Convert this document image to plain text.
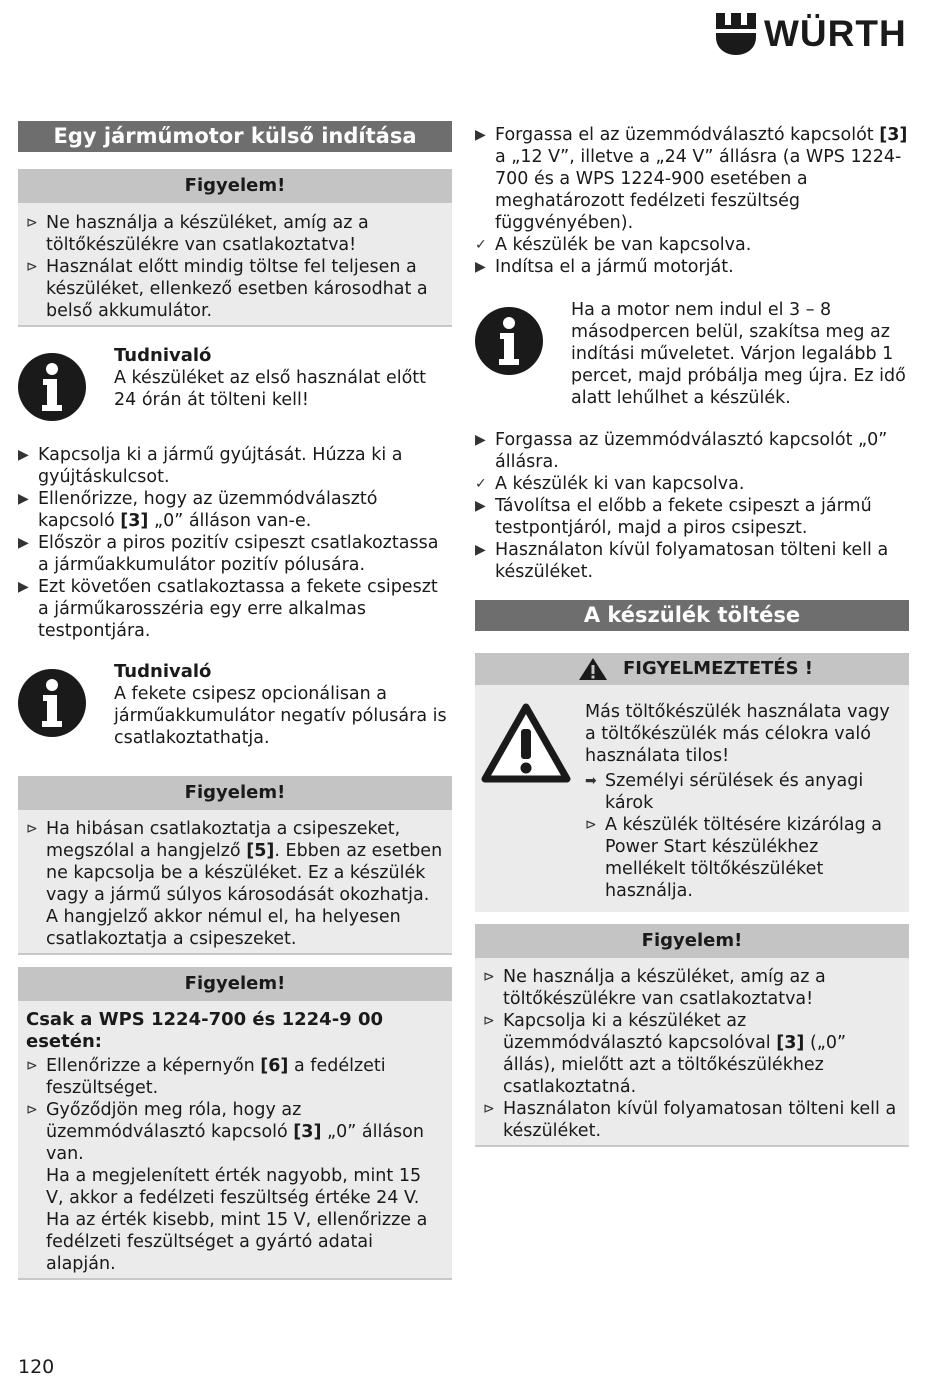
WÜRTH
Egy járműmotor külső indítása
Figyelem!
⊳ Ne használja a készüléket, amíg az a töltőkészülékre van csatlakoztatva!
⊳ Használat előtt mindig töltse fel teljesen a készüléket, ellenkező esetben károsodhat a belső akkumulátor.
Tudnivaló
A készüléket az első használat előtt 24 órán át tölteni kell!
▶ Kapcsolja ki a jármű gyújtását. Húzza ki a gyújtáskulcsot.
▶ Ellenőrizze, hogy az üzemmódválasztó kapcsoló [3] „0” álláson van-e.
▶ Először a piros pozitív csipeszt csatlakoztassa a járműakkumulátor pozitív pólusára.
▶ Ezt követően csatlakoztassa a fekete csipeszt a járműkarosszéria egy erre alkalmas testpontjára.
Tudnivaló
A fekete csipesz opcionálisan a járműakkumulátor negatív pólusára is csatlakoztathatja.
Figyelem!
⊳ Ha hibásan csatlakoztatja a csipeszeket, megszólal a hangjelző [5]. Ebben az esetben ne kapcsolja be a készüléket. Ez a készülék vagy a jármű súlyos károsodását okozhatja. A hangjelző akkor némul el, ha helyesen csatlakoztatja a csipeszeket.
Figyelem!
Csak a WPS 1224-700 és 1224-9 00 esetén:
⊳ Ellenőrizze a képernyőn [6] a fedélzeti feszültséget.
⊳ Győződjön meg róla, hogy az üzemmódválasztó kapcsoló [3] „0” álláson van.
Ha a megjelenített érték nagyobb, mint 15 V, akkor a fedélzeti feszültség értéke 24 V. Ha az érték kisebb, mint 15 V, ellenőrizze a fedélzeti feszültséget a gyártó adatai alapján.
▶ Forgassa el az üzemmódválasztó kapcsolót [3] a „12 V”, illetve a „24 V” állásra (a WPS 1224-700 és a WPS 1224-900 esetében a meghatározott fedélzeti feszültség függvényében).
✓ A készülék be van kapcsolva.
▶ Indítsa el a jármű motorját.
Ha a motor nem indul el 3 – 8 másodpercen belül, szakítsa meg az indítási műveletet. Várjon legalább 1 percet, majd próbálja meg újra. Ez idő alatt lehűlhet a készülék.
▶ Forgassa az üzemmódválasztó kapcsolót „0” állásra.
✓ A készülék ki van kapcsolva.
▶ Távolítsa el előbb a fekete csipeszt a jármű testpontjáról, majd a piros csipeszt.
▶ Használaton kívül folyamatosan tölteni kell a készüléket.
A készülék töltése
FIGYELMEZTETÉS !
Más töltőkészülék használata vagy a töltőkészülék más célokra való használata tilos!
➡ Személyi sérülések és anyagi károk
⊳ A készülék töltésére kizárólag a Power Start készülékhez mellékelt töltőkészüléket használja.
Figyelem!
⊳ Ne használja a készüléket, amíg az a töltőkészülékre van csatlakoztatva!
⊳ Kapcsolja ki a készüléket az üzemmódválasztó kapcsolóval [3] („0” állás), mielőtt azt a töltőkészülékhez csatlakoztatná.
⊳ Használaton kívül folyamatosan tölteni kell a készüléket.
120
